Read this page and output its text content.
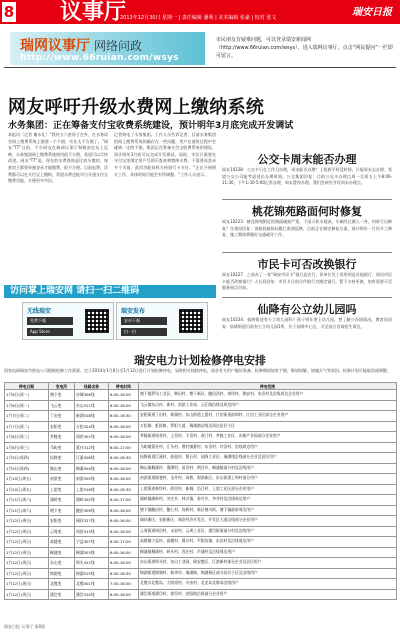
8 议事厅
2013年12月30日 星期一 | 责任编辑 潘利 | 美术编辑 张豪 | 校对 张文	瑞安日报
瑞网议事厅 网络问政
http://www.66ruian.com/wsys
市民朋友有疑难问题，可以登录瑞安新闻网（http://www.66ruian.com/wsys），进入瑞网议事厅，点击“网民提问”一栏即可留言。
网友呼吁升级水费网上缴纳系统
水务集团：正在筹备支付宝收费系统建设，预计明年3月底完成开发调试
本报讯（记者 谢永礼）“我有五六套房子在外，在水务局官网上缴费系统上都要一个个填，实在太不方便了。”网友“TT”日前，不少网友在瑞网议事厅和瑞安论坛上反映，水务集团网上缴费系统使用很不方便，希望可以尽快改进。网友“TT”说，现在的水费查询是比较分散的，每套房子都要单独登录才能缴费，很不方便。目前电费、话费都可以在支付宝上缴纳，希望水费也能早日开通支付宝缴费功能，方便更多市民。
记者致电了水务集团。工作人员告诉记者，目前水务集团的网上缴费系统的确存在一些问题，用户在使用过程中会碰到一定的不便。集团正在筹备支付宝收费系统的建设，预计明年3月底可以完成开发调试。届时，市民只需要在支付宝里绑定用户号即可查询和缴纳水费，不需要再登录多个页面，此项功能同样支持银行卡支付。“正在开展相关工作，具体时间可能会有所调整。”工作人员表示。
访问掌上瑞安网 请扫一扫二维码
无线瑞安
免费下载
App Store
瑞安发布
安卓下载
扫一扫
公交卡周末能否办理
网友10228：公交卡只在工作日办理，周末能否办理？上班族平时没时间，只能周末去办理，希望公交公司能考虑延长办理时间。公交集团回复：目前公交卡办理点周一至周五上午8:00-11:30，下午1:30-5:00正常办理，周末暂停办理，我们会研究开设周末办理点。
桃花锦苑路面何时修复
网友10223：桃花锦苑附近的路面破损严重，下雨天积水很深，车辆经过溅人一身，何时可以修复？住建局回复：该路段破损问题已收到反映，目前正在制定修复方案，预计明年一月份开工修复，施工期间将做好交通疏导工作。
市民卡可否改换银行
网友10227：之前办了一张“瑞安市民卡”银行是农行，但单位发工资用的是其他银行，请问市民卡能否改换银行？人社局回复：市民卡目前合作银行为指定银行，暂不支持更换，如有需要可至服务网点咨询。
仙降有公立幼儿园吗
网友10234：仙降街道有公立幼儿园吗？孩子明年要上幼儿园，想了解公办园情况。教育局回复：仙降街道目前有公立幼儿园1所，位于仙降中心区，可至园方咨询招生事宜。
瑞安电力计划检修停电安排
国家电网瑞安市供电公司根据检修工作需要，定于2014年1月6日至1月12日进行计划检修停电，届时相关线路停电，请各有关用户做好准备。检修期间如有不便，敬请谅解。如遇天气等原因，检修计划可能取消或调整。
停电日期	变电所	线路名称	停电时间	停电范围
1月6日(周一)	塘下变	沙城306线	6:00-16:00	塘下镇罗凤工业区、韩田村、塘下新区、鲍田西村、南垟村、海安村、宋岙村及沿线周边企业用户
1月6日(周一)	飞云变	东山311线	6:00-16:00	飞云镇东山村、新村、南滨工业园、云江路沿线及周边用户
1月7日(周二)	丁田变	新湖318线	6:00-16:30	安阳街道丁田村、新湖村、东山街道上望村、汀田街道前埠村、汀田工业区部分企业用户
1月7日(周二)	安阳变	万松324线	6:00-16:00	万松路、虹桥路、罗阳大道、瑞湖路沿线及周边居民小区
1月8日(周三)	莘塍变	周苌301线	6:00-16:00	莘塍街道周苌村、上岙村、下岙村、南门村、莘塍工业区、东新产业园部分企业用户
1月8日(周三)	马屿变	篁社312线	6:00-17:00	马屿镇篁社村、汇头村、曹村镇曹村、东岙村、许岙村、沿线周边用户
1月9日(周四)	仙降变	江溪308线	6:00-16:30	仙降街道江溪村、前池村、翔石村、仙降工业区、瑞湖线沿线部分企业及居民用户
1月9日(周四)	陶山变	桐溪304线	6:00-16:00	陶山镇桐溪村、渔潭村、甬岙村、荆谷乡、桐浦镇部分村及沿线用户
1月10日(周五)	南滨变	南滨305线	6:00-16:00	南滨街道阁巷村、圣井村、场桥、海滨新区、东山街道上埠村部分用户
1月10日(周五)	上望变	上望316线	6:00-16:30	上望街道林垟村、薛里村、新城、沿江村、上望工业区部分企业用户
1月11日(周六)	湖岭变	湖岭302线	6:00-17:00	湖岭镇湖岭村、芳庄乡、林川镇、金川乡、李井村及沿线周边用户
1月11日(周六)	塘下变	鲍田309线	6:00-16:00	塘下镇鲍田村、鲍七村、场桥村、新区塘川街、塘下镇政府周边用户
1月12日(周日)	安阳变	瑞祥327线	6:00-16:00	瑞祥新区、安阳新区、瑞安经济开发区、开发区大道沿线部分企业用户
1月12日(周日)	云周变	周田313线	6:00-16:00	云周街道周田村、永安村、云周工业区、潘岱街道部分村及沿线用户
1月12日(周日)	高楼变	宁益307线	6:00-17:00	高楼镇宁益村、高楼村、暮川村、平阳坑镇、东岩村及沿线周边用户
1月12日(周日)	桐浦变	桐浦303线	6:00-16:00	桐浦镇桐浦村、岭头村、西庄村、芦浦村及沿线周边用户
1月12日(周日)	东山变	埠头322线	6:00-16:00	东山街道埠头村、东山工业园、瑞安港区、江滨新村部分企业及居民用户
1月12日(周日)	锦湖变	锦湖315线	6:00-16:30	锦湖街道锦湖村、新华村、瑞湖路、锦湖新区部分居民小区及沿线用户
1月12日(周日)	北麂变	北麂301线	7:00-16:00	北麂乡北麂岛、大明甫村、关帝村、北龙岛及海岛沿线用户
1月12日(周日)	潘岱变	潘岱310线	6:00-16:00	潘岱街道潘岱村、徐岙村、安阳路沿线部分企业用户
瑞安日报 议事厅 第8版
